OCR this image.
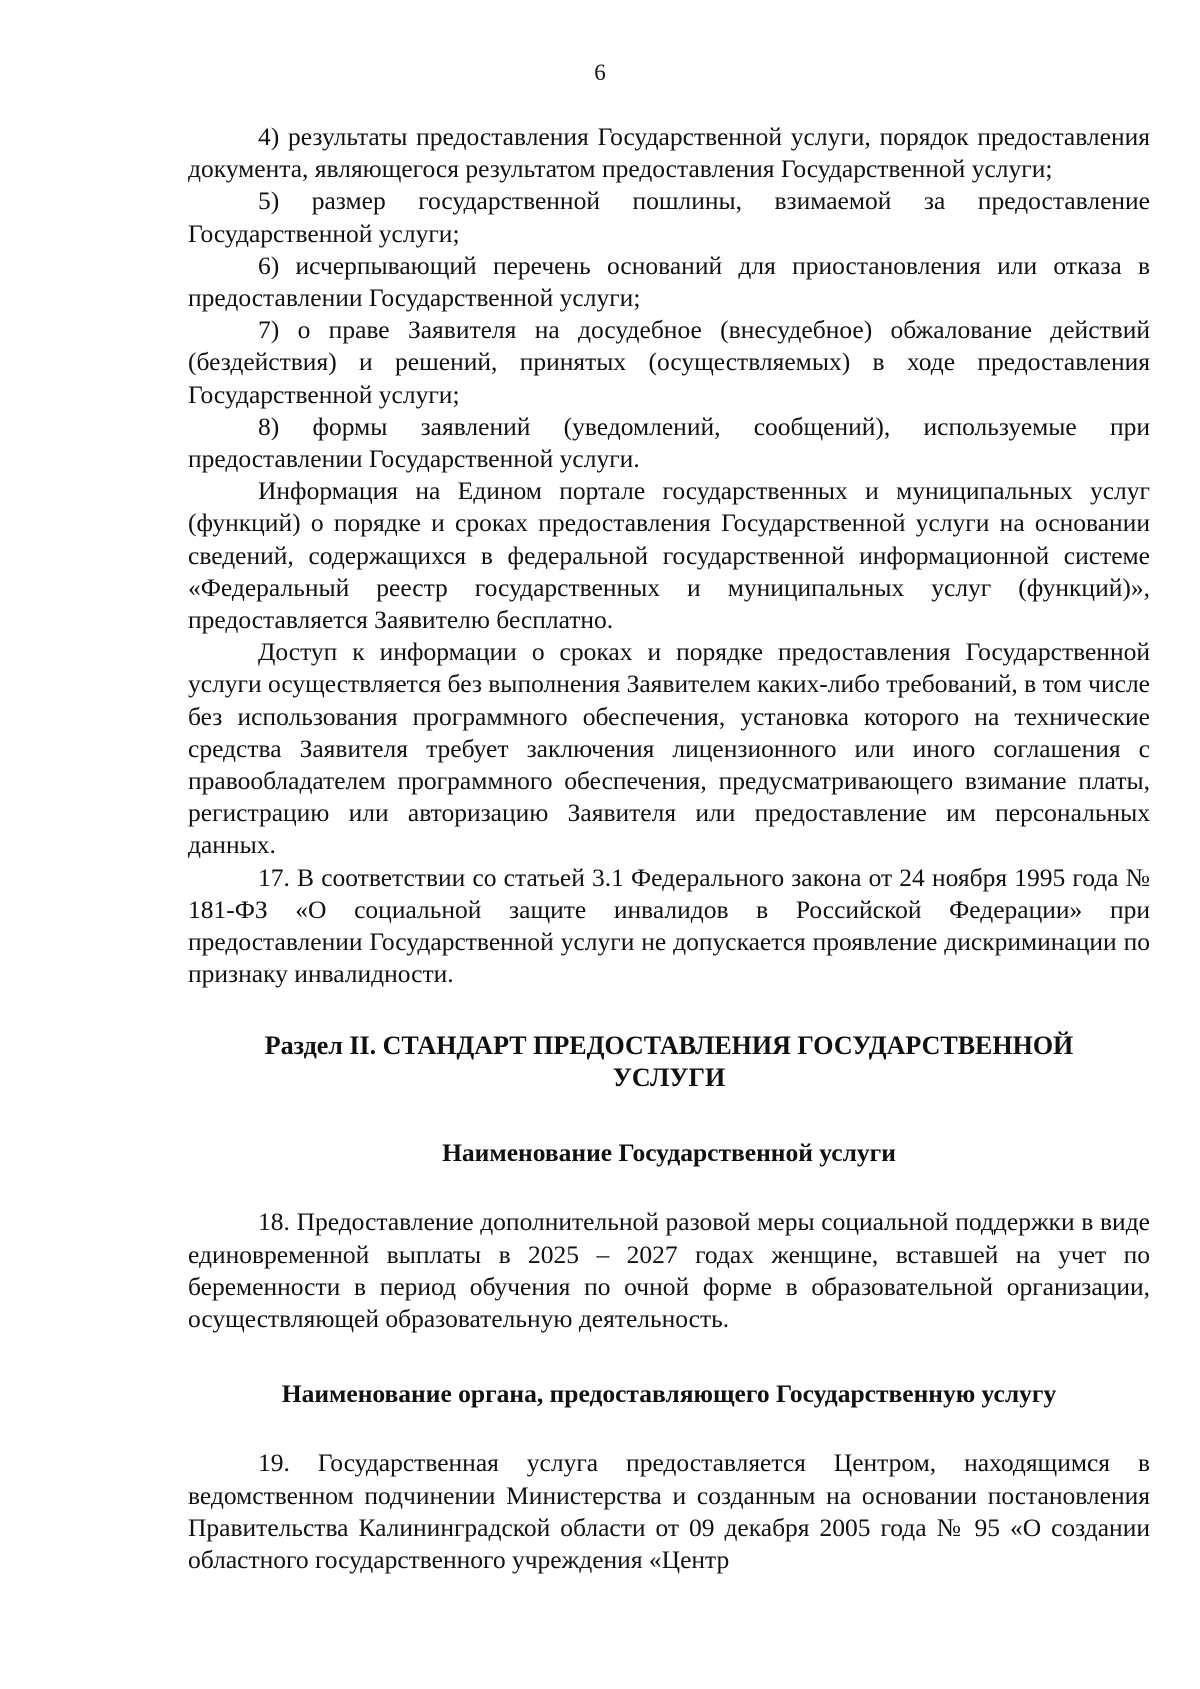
6

4) результаты предоставления Государственной услуги, порядок предоставления документа, являющегося результатом предоставления Государственной услуги;

5) размер государственной пошлины, взимаемой за предоставление Государственной услуги;

6) исчерпывающий перечень оснований для приостановления или отказа в предоставлении Государственной услуги;

7) о праве Заявителя на досудебное (внесудебное) обжалование действий (бездействия) и решений, принятых (осуществляемых) в ходе предоставления Государственной услуги;

8) формы заявлений (уведомлений, сообщений), используемые при предоставлении Государственной услуги.

Информация на Едином портале государственных и муниципальных услуг (функций) о порядке и сроках предоставления Государственной услуги на основании сведений, содержащихся в федеральной государственной информационной системе «Федеральный реестр государственных и муниципальных услуг (функций)», предоставляется Заявителю бесплатно.

Доступ к информации о сроках и порядке предоставления Государственной услуги осуществляется без выполнения Заявителем каких-либо требований, в том числе без использования программного обеспечения, установка которого на технические средства Заявителя требует заключения лицензионного или иного соглашения с правообладателем программного обеспечения, предусматривающего взимание платы, регистрацию или авторизацию Заявителя или предоставление им персональных данных.

17. В соответствии со статьей 3.1 Федерального закона от 24 ноября 1995 года № 181-ФЗ «О социальной защите инвалидов в Российской Федерации» при предоставлении Государственной услуги не допускается проявление дискриминации по признаку инвалидности.

Раздел II. СТАНДАРТ ПРЕДОСТАВЛЕНИЯ ГОСУДАРСТВЕННОЙ
УСЛУГИ
Наименование Государственной услуги

18. Предоставление дополнительной разовой меры социальной поддержки в виде единовременной выплаты в 2025 – 2027 годах женщине, вставшей на учет по беременности в период обучения по очной форме в образовательной организации, осуществляющей образовательную деятельность.

Наименование органа, предоставляющего Государственную услугу

19. Государственная услуга предоставляется Центром, находящимся в ведомственном подчинении Министерства и созданным на основании постановления Правительства Калининградской области от 09 декабря 2005 года № 95 «О создании областного государственного учреждения «Центр
